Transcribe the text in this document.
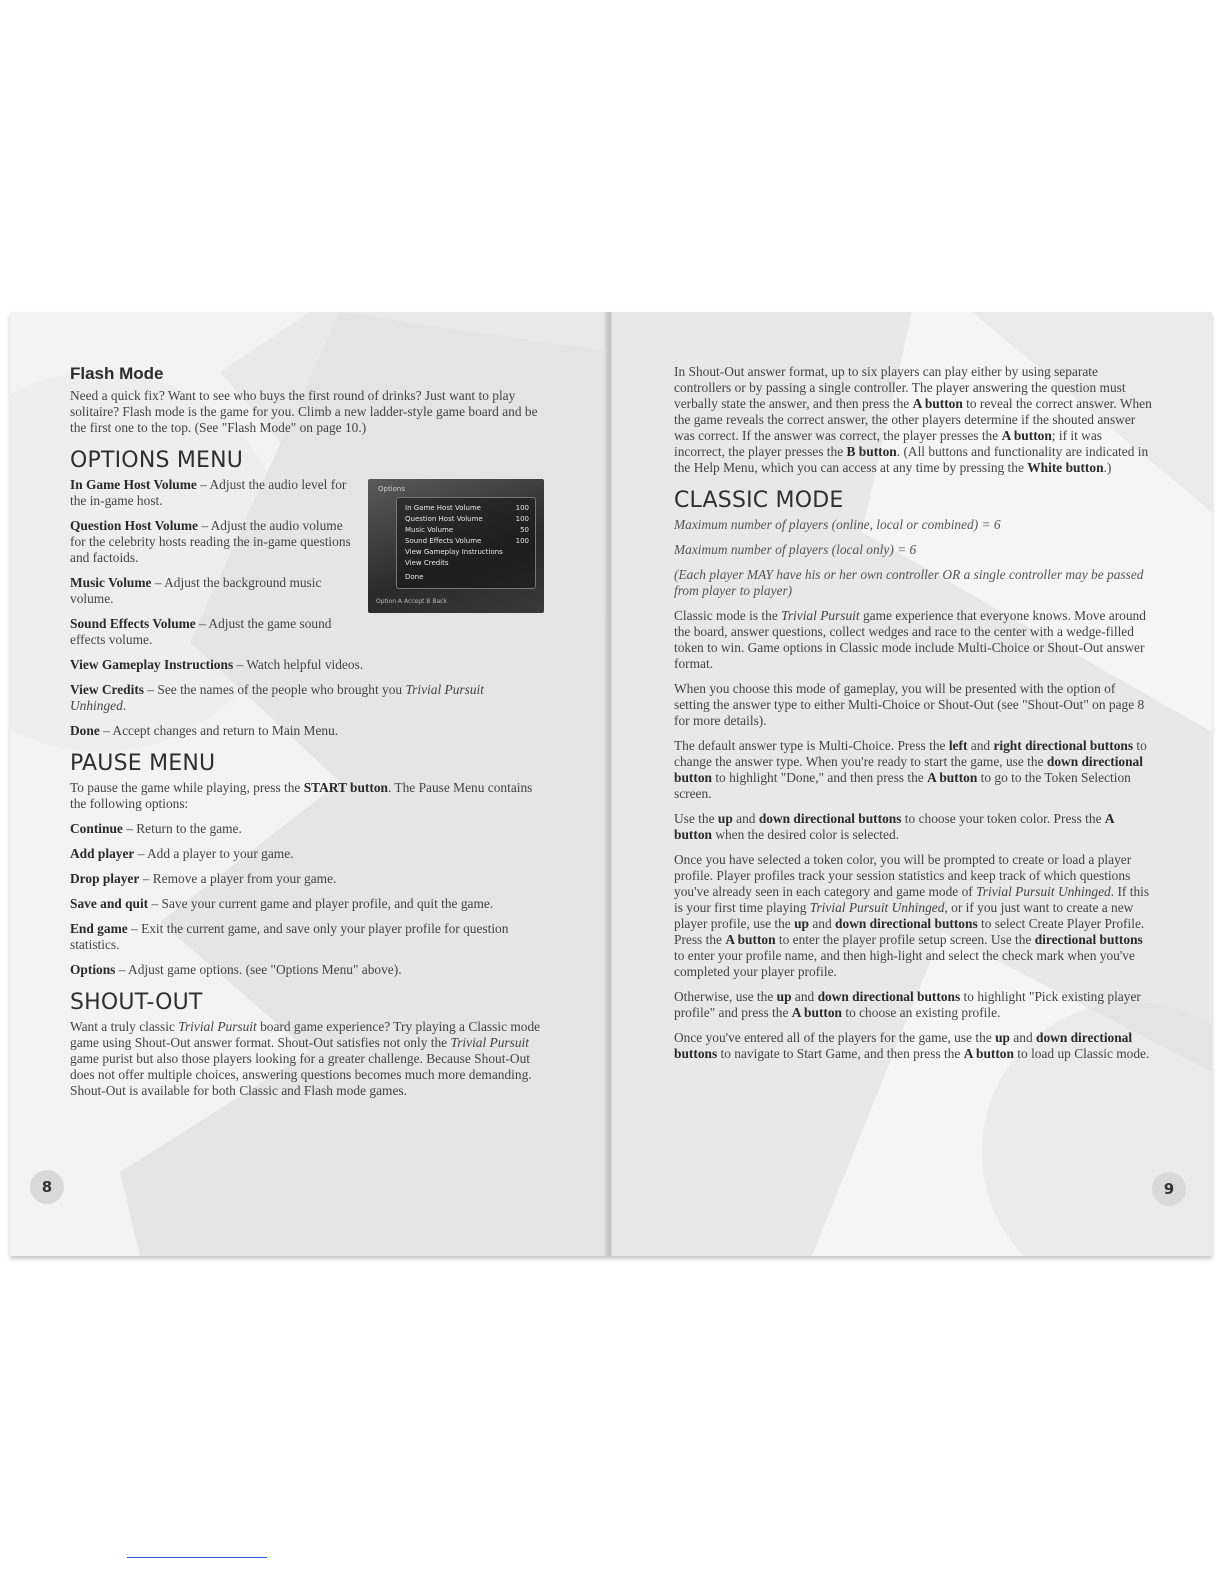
Flash Mode

Need a quick fix? Want to see who buys the first round of drinks? Just want to play solitaire? Flash mode is the game for you. Climb a new ladder-style game board and be the first one to the top. (See "Flash Mode" on page 10.)

OPTIONS MENU
Options
In Game Host Volume	100
Question Host Volume	100
Music Volume	50
Sound Effects Volume	100
View Gameplay Instructions
View Credits
Done
Option A Accept B Back

In Game Host Volume – Adjust the audio level for the in-game host.

Question Host Volume – Adjust the audio volume for the celebrity hosts reading the in-game questions and factoids.

Music Volume – Adjust the background music volume.

Sound Effects Volume – Adjust the game sound effects volume.

View Gameplay Instructions – Watch helpful videos.

View Credits – See the names of the people who brought you Trivial Pursuit Unhinged.

Done – Accept changes and return to Main Menu.

PAUSE MENU

To pause the game while playing, press the START button. The Pause Menu contains the following options:

Continue – Return to the game.

Add player – Add a player to your game.

Drop player – Remove a player from your game.

Save and quit – Save your current game and player profile, and quit the game.

End game – Exit the current game, and save only your player profile for question statistics.

Options – Adjust game options. (see "Options Menu" above).

SHOUT-OUT

Want a truly classic Trivial Pursuit board game experience? Try playing a Classic mode game using Shout-Out answer format. Shout-Out satisfies not only the Trivial Pursuit game purist but also those players looking for a greater challenge. Because Shout-Out does not offer multiple choices, answering questions becomes much more demanding. Shout-Out is available for both Classic and Flash mode games.

8

In Shout-Out answer format, up to six players can play either by using separate controllers or by passing a single controller. The player answering the question must verbally state the answer, and then press the A button to reveal the correct answer. When the game reveals the correct answer, the other players determine if the shouted answer was correct. If the answer was correct, the player presses the A button; if it was incorrect, the player presses the B button. (All buttons and functionality are indicated in the Help Menu, which you can access at any time by pressing the White button.)

CLASSIC MODE

Maximum number of players (online, local or combined) = 6

Maximum number of players (local only) = 6

(Each player MAY have his or her own controller OR a single controller may be passed from player to player)

Classic mode is the Trivial Pursuit game experience that everyone knows. Move around the board, answer questions, collect wedges and race to the center with a wedge-filled token to win. Game options in Classic mode include Multi-Choice or Shout-Out answer format.

When you choose this mode of gameplay, you will be presented with the option of setting the answer type to either Multi-Choice or Shout-Out (see "Shout-Out" on page 8 for more details).

The default answer type is Multi-Choice. Press the left and right directional buttons to change the answer type. When you're ready to start the game, use the down directional button to highlight "Done," and then press the A button to go to the Token Selection screen.

Use the up and down directional buttons to choose your token color. Press the A button when the desired color is selected.

Once you have selected a token color, you will be prompted to create or load a player profile. Player profiles track your session statistics and keep track of which questions you've already seen in each category and game mode of Trivial Pursuit Unhinged. If this is your first time playing Trivial Pursuit Unhinged, or if you just want to create a new player profile, use the up and down directional buttons to select Create Player Profile. Press the A button to enter the player profile setup screen. Use the directional buttons to enter your profile name, and then high-light and select the check mark when you've completed your player profile.

Otherwise, use the up and down directional buttons to highlight "Pick existing player profile" and press the A button to choose an existing profile.

Once you've entered all of the players for the game, use the up and down directional buttons to navigate to Start Game, and then press the A button to load up Classic mode.

9
